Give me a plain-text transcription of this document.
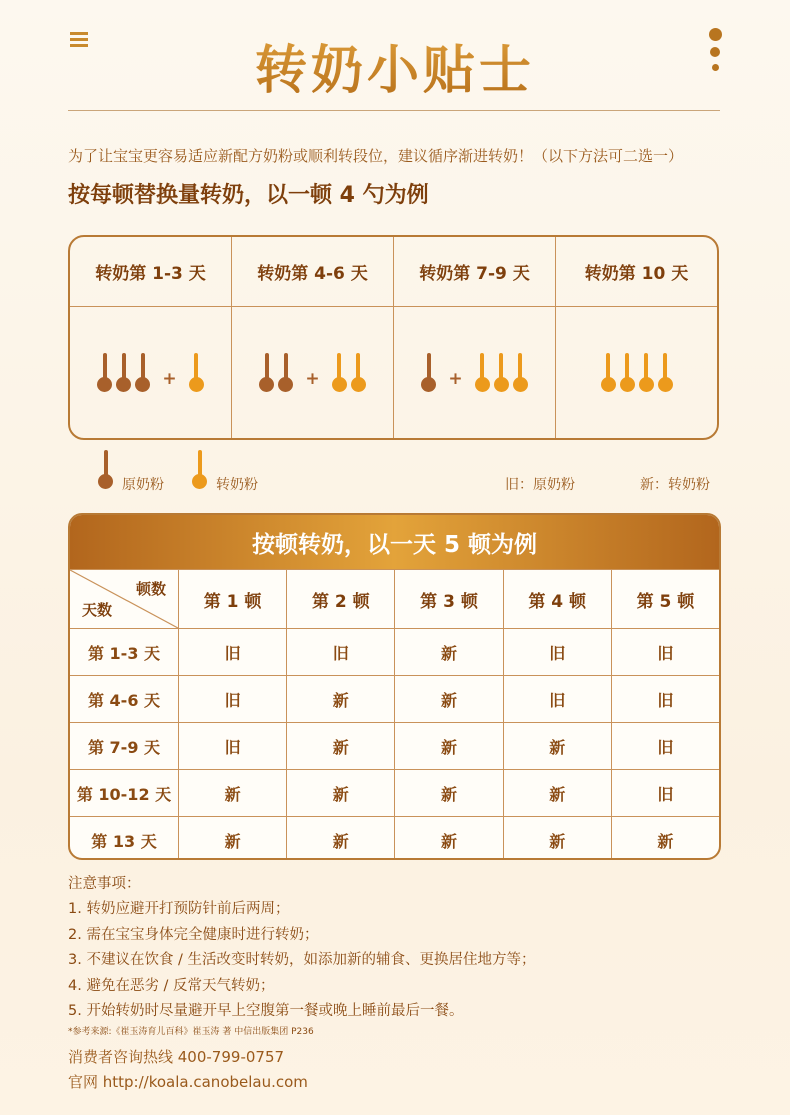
转奶小贴士
为了让宝宝更容易适应新配方奶粉或顺利转段位，建议循序渐进转奶！（以下方法可二选一）
按每顿替换量转奶，以一顿 4 勺为例
转奶第 1-3 天	转奶第 4-6 天	转奶第 7-9 天	转奶第 10 天
+	+	+
原奶粉	转奶粉	旧：原奶粉	新：转奶粉
按顿转奶，以一天 5 顿为例
顿数
天数	第 1 顿	第 2 顿	第 3 顿	第 4 顿	第 5 顿
第 1-3 天	旧	旧	新	旧	旧
第 4-6 天	旧	新	新	旧	旧
第 7-9 天	旧	新	新	新	旧
第 10-12 天	新	新	新	新	旧
第 13 天	新	新	新	新	新
注意事项：
1. 转奶应避开打预防针前后两周；
2. 需在宝宝身体完全健康时进行转奶；
3. 不建议在饮食 / 生活改变时转奶，如添加新的辅食、更换居住地方等；
4. 避免在恶劣 / 反常天气转奶；
5. 开始转奶时尽量避开早上空腹第一餐或晚上睡前最后一餐。
*参考来源:《崔玉涛育儿百科》崔玉涛 著 中信出版集团 P236
消费者咨询热线 400-799-0757
官网 http://koala.canobelau.com
